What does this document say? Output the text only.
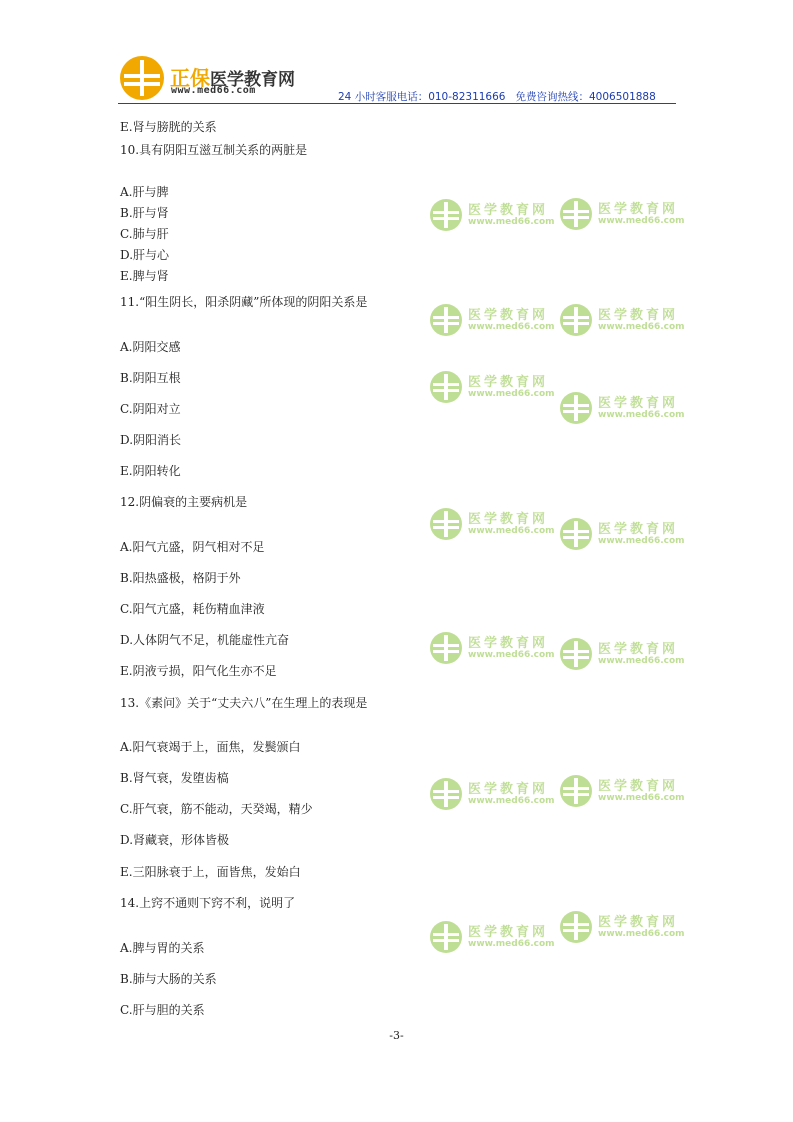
正保医学教育网
www.med66.com
24 小时客服电话：010-82311666   免费咨询热线：4006501888
医学教育网
www.med66.com
医学教育网
www.med66.com
医学教育网
www.med66.com
医学教育网
www.med66.com
医学教育网
www.med66.com
医学教育网
www.med66.com
医学教育网
www.med66.com	医学教育网
www.med66.com
医学教育网
www.med66.com	医学教育网
www.med66.com
医学教育网
www.med66.com
医学教育网
www.med66.com
医学教育网
www.med66.com
医学教育网
www.med66.com
E.肾与膀胱的关系
10.具有阴阳互滋互制关系的两脏是
A.肝与脾
B.肝与肾
C.肺与肝
D.肝与心
E.脾与肾
11.“阳生阴长，阳杀阴藏”所体现的阴阳关系是
A.阴阳交感
B.阴阳互根
C.阴阳对立
D.阴阳消长
E.阴阳转化
12.阴偏衰的主要病机是
A.阳气亢盛，阴气相对不足
B.阳热盛极，格阴于外
C.阳气亢盛，耗伤精血津液
D.人体阴气不足，机能虚性亢奋
E.阴液亏损，阳气化生亦不足
13.《素问》关于“丈夫六八”在生理上的表现是
A.阳气衰竭于上，面焦，发鬓颁白
B.肾气衰，发堕齿槁
C.肝气衰，筋不能动，天癸竭，精少
D.肾藏衰，形体皆极
E.三阳脉衰于上，面皆焦，发始白
14.上窍不通则下窍不利，说明了
A.脾与胃的关系
B.肺与大肠的关系
C.肝与胆的关系
-3-
